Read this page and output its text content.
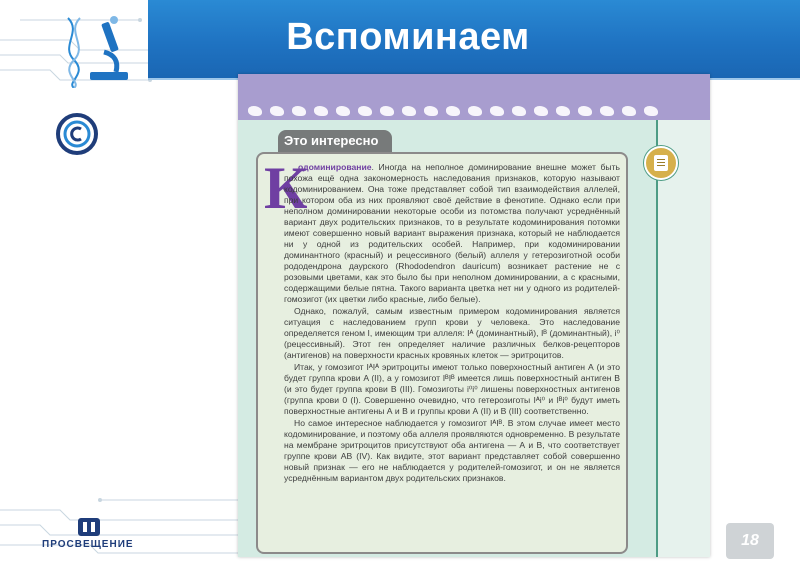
Вспоминаем
Это интересно
К

одоминирование. Иногда на неполное доминирование внешне может быть похожа ещё одна закономерность наследования признаков, которую называют кодоминированием. Она тоже представляет собой тип взаимодействия аллелей, при котором оба из них проявляют своё действие в фенотипе. Однако если при неполном доминировании некоторые особи из потомства получают усреднённый вариант двух родительских признаков, то в результате кодоминирования потомки имеют совершенно новый вариант выражения признака, который не наблюдается ни у одной из родительских особей. Например, при кодоминировании доминантного (красный) и рецессивного (белый) аллеля у гетерозиготной особи рододендрона даурского (Rhododendron dauricum) возникает растение не с розовыми цветами, как это было бы при неполном доминировании, а с красными, содержащими белые пятна. Такого варианта цветка нет ни у одного из родителей-гомозигот (их цветки либо красные, либо белые).

Однако, пожалуй, самым известным примером кодоминирования является ситуация с наследованием групп крови у человека. Это наследование определяется геном I, имеющим три аллеля: Iᴬ (доминантный), Iᴮ (доминантный), i⁰ (рецессивный). Этот ген определяет наличие различных белков-рецепторов (антигенов) на поверхности красных кровяных клеток — эритроцитов.

Итак, у гомозигот IᴬIᴬ эритроциты имеют только поверхностный антиген А (и это будет группа крови A (II), а у гомозигот IᴮIᴮ имеется лишь поверхностный антиген B (и это будет группа крови B (III). Гомозиготы i⁰i⁰ лишены поверхностных антигенов (группа крови 0 (I). Совершенно очевидно, что гетерозиготы Iᴬi⁰ и Iᴮi⁰ будут иметь поверхностные антигены А и B и группы крови А (II) и B (III) соответственно.

Но самое интересное наблюдается у гомозигот IᴬIᴮ. В этом случае имеет место кодоминирование, и поэтому оба аллеля проявляются одновременно. В результате на мембране эритроцитов присутствуют оба антигена — А и B, что соответствует группе крови AB (IV). Как видите, этот вариант представляет собой совершенно новый признак — его не наблюдается у родителей-гомозигот, и он не является усреднённым вариантом двух родительских признаков.

ПРОСВЕЩЕНИЕ	18
